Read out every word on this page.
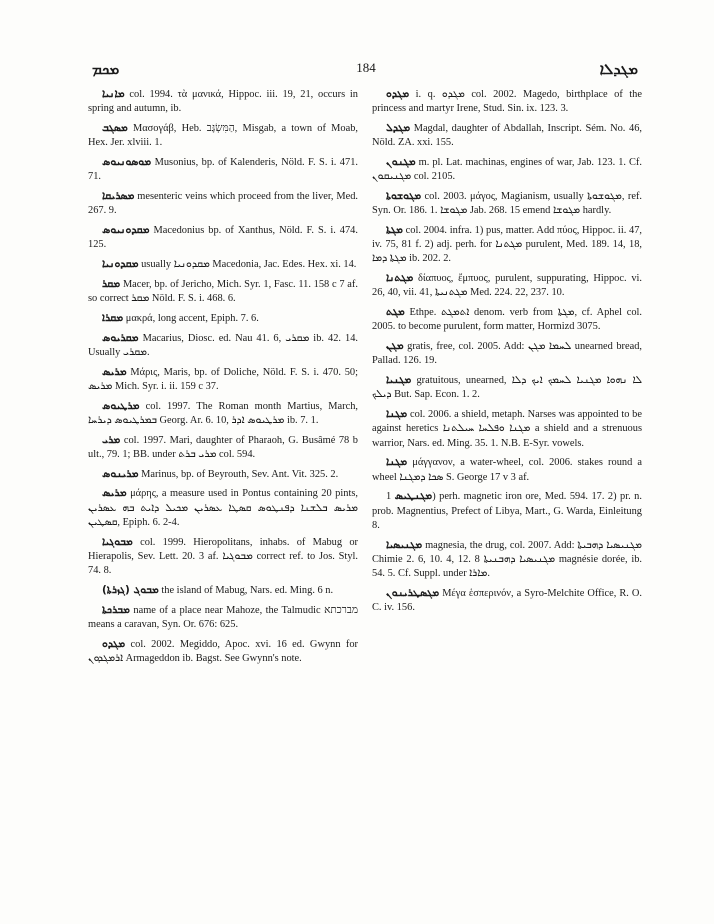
ܡܟܡ	184	ܡܓܕܠܐ

ܡܐܢܝܐ col. 1994. τὰ μανικά, Hippoc. iii. 19, 21, occurs in spring and autumn, ib.

ܡܣܓܒ Μασογάβ, Heb. הַמִּשְׂגָּב, Misgab, a town of Moab, Hex. Jer. xlviii. 1.

ܡܘܣܘܢܝܘܣ Musonius, bp. of Kalenderis, Nöld. F. S. i. 471. 71.

ܡܣܪܝܩܐ mesenteric veins which proceed from the liver, Med. 267. 9.

ܡܩܕܘܢܝܘܣ Macedonius bp. of Xanthus, Nöld. F. S. i. 474. 125.

ܡܩܕܘܢܝܐ usually ܡܩܕܘܢܝܐ Macedonia, Jac. Edes. Hex. xi. 14.

ܡܩܪ Macer, bp. of Jericho, Mich. Syr. 1, Fasc. 11. 158 c 7 af. so correct ܡܩܪ Nöld. F. S. i. 468. 6.

ܡܩܪܐ μακρά, long accent, Epiph. 7. 6.

ܡܩܪܝܘܣ Macarius, Diosc. ed. Nau 41. 6, ܡܩܪܝ ib. 42. 14. Usually ܡܩܪܝ.

ܡܪܝܣ Μάρις, Maris, bp. of Doliche, Nöld. F. S. i. 470. 50; ܡܪܝܣ Mich. Syr. i. ii. 159 c 37.

ܡܪܛܝܘܣ col. 1997. The Roman month Martius, March, ܒܡܪܛܝܘܣ ܕܝܪܚܐ Georg. Ar. 6. 10, ܡܪܛܝܘܣ ܐܕܪ ib. 7. 1.

ܡܪܝ col. 1997. Mari, daughter of Pharaoh, G. Busâmé 78 b ult., 79. 1; BB. under ܡܪܝ ܒܪܬ col. 594.

ܡܪܝܢܘܣ Marinus, bp. of Beyrouth, Sev. Ant. Vit. 325. 2.

ܡܪܝܣ μάρης, a measure used in Pontus containing 20 pints, ܡܪܝܣ ܒܠܫܢܐ ܕܦܢܛܘܣ ܩܣܛܐ ܥܣܪܝܢ ܡܟܝܠ ܕܐܝܬ ܒܗ ܥܣܪܝܢ ܩܣܛܝܢ, Epiph. 6. 2-4.

ܡܒܘܓܝܐ col. 1999. Hieropolitans, inhabs. of Mabug or Hierapolis, Sev. Lett. 20. 3 af. ܡܒܘܓܝܐ correct ref. to Jos. Styl. 74. 8.

ܡܒܘܓ (ܓܙܪܬܐ) the island of Mabug, Nars. ed. Ming. 6 n.

ܡܒܪܟܬܐ name of a place near Mahoze, the Talmudic מברכתא means a caravan, Syn. Or. 676: 625.

ܡܓܕܘ col. 2002. Megiddo, Apoc. xvi. 16 ed. Gwynn for ܐܪܡܓܕܘܢ Armageddon ib. Bagst. See Gwynn's note.

ܡܓܕܘ i. q. ܡܓܕܘ col. 2002. Magedo, birthplace of the princess and martyr Irene, Stud. Sin. ix. 123. 3.

ܡܓܕܠ Magdal, daughter of Abdallah, Inscript. Sém. No. 46, Nöld. ZA. xxi. 155.

ܡܓܢܘܢ m. pl. Lat. machinas, engines of war, Jab. 123. 1. Cf. ܡܓܢܝܩܘܢ col. 2105.

ܡܓܘܫܘܬܐ col. 2003. μάγος, Magianism, usually ܡܓܘܫܘܬܐ, ref. Syn. Or. 186. 1. ܡܓܘܫܐ Jab. 268. 15 emend ܡܓܘܫܐ hardly.

ܡܓܬܐ col. 2004. infra. 1) pus, matter. Add πύος, Hippoc. ii. 47, iv. 75, 81 f. 2) adj. perh. for ܡܓܬܢܐ purulent, Med. 189. 14, 18, ܡܓܬܐ ܕܡܐ ib. 202. 2.

ܡܓܬܢܐ δίαπυος, ἔμπυος, purulent, suppurating, Hippoc. vi. 26, 40, vii. 41, ܡܓܬܢܝܬܐ Med. 224. 22, 237. 10.

ܡܓܬ Ethpe. ܐܬܡܓܬ denom. verb from ܡܓܬܐ, cf. Aphel col. 2005. to become purulent, form matter, Hormizd 3075.

ܡܓܢ gratis, free, col. 2005. Add: ܠܚܡܐ ܡܓܢ unearned bread, Pallad. 126. 19.

ܡܓܢܝܐ gratuitous, unearned, ܠܐ ܢܗܘܐ ܡܓܢܝܐ ܠܚܡܟ ܐܝܟ ܕܠܐ ܕܝܠܟ But. Sap. Econ. 1. 2.

ܡܓܢܐ col. 2006. a shield, metaph. Narses was appointed to be against heretics ܡܓܢܐ ܘܦܠܚܐ ܚܝܠܬܢܐ a shield and a strenuous warrior, Nars. ed. Ming. 35. 1. N.B. E-Syr. vowels.

ܡܓܢܐ μάγγανον, a water-wheel, col. 2006. stakes round a wheel ܣܟܐ ܕܡܓܢܐ S. George 17 v 3 af.

ܡܓܢܛܝܣ 1) perh. magnetic iron ore, Med. 594. 17. 2) pr. n. prob. Magnentius, Prefect of Libya, Mart., G. Warda, Einleitung 8.

ܡܓܢܝܣܝܐ magnesia, the drug, col. 2007. Add: ܡܓܢܝܣܝܐ ܕܗܒܝܬܐ Chimie 2. 6, 10. 4, 12. 8 ܡܓܢܝܣܝܐ ܕܗܒܢܝܬܐ magnésie dorée, ib. 54. 5. Cf. Suppl. under ܡܐܪܐ.

ܡܓܣܛܪܝܢܘܢ Μέγα ἑσπερινόν, a Syro-Melchite Office, R. O. C. iv. 156.
